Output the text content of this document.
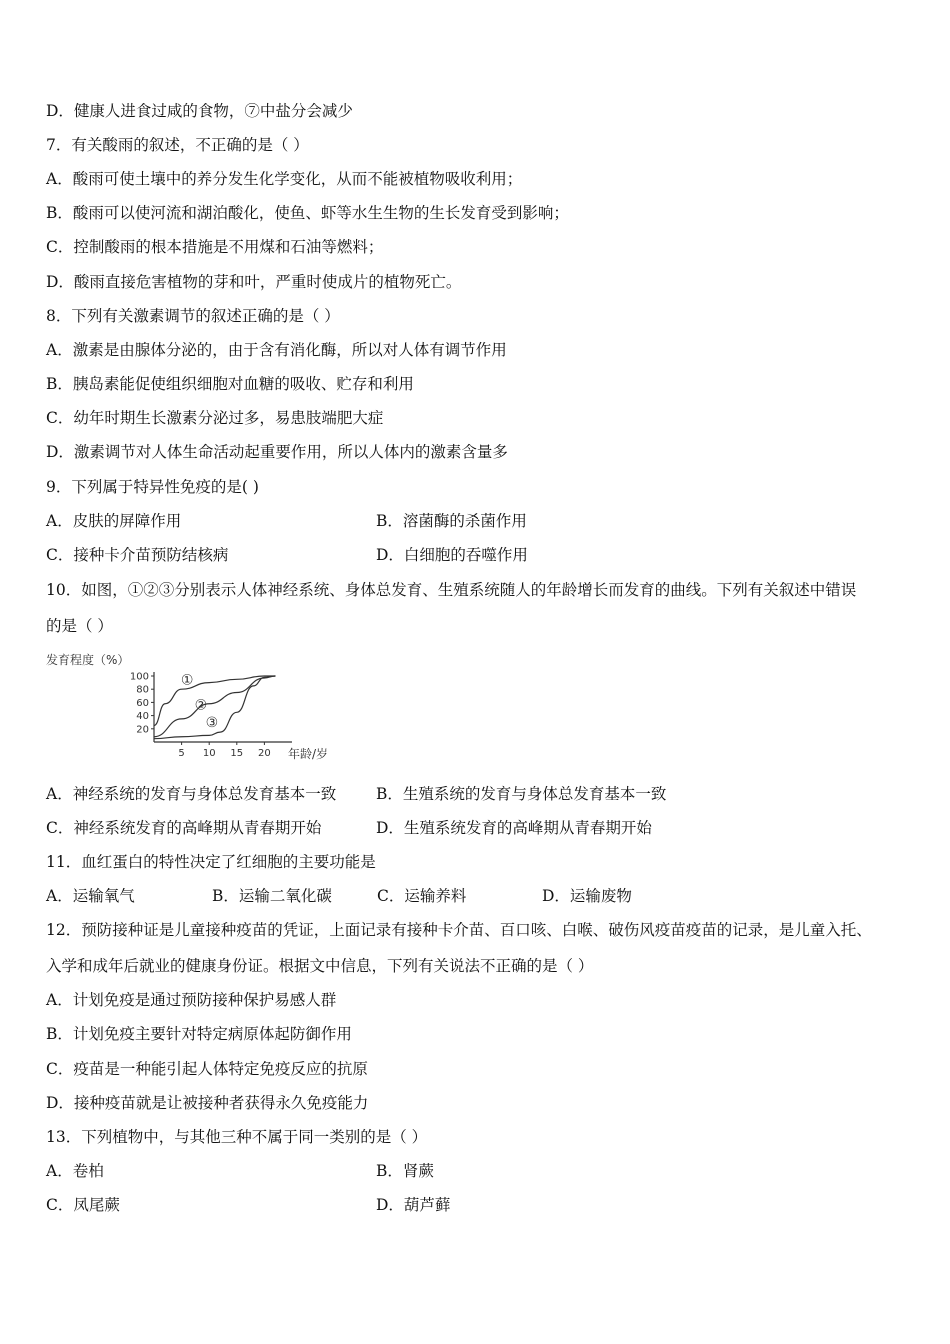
D．健康人进食过咸的食物，⑦中盐分会减少
7．有关酸雨的叙述，不正确的是（ ）
A．酸雨可使土壤中的养分发生化学变化，从而不能被植物吸收利用；
B．酸雨可以使河流和湖泊酸化，使鱼、虾等水生生物的生长发育受到影响；
C．控制酸雨的根本措施是不用煤和石油等燃料；
D．酸雨直接危害植物的芽和叶，严重时使成片的植物死亡。
8．下列有关激素调节的叙述正确的是（ ）
A．激素是由腺体分泌的，由于含有消化酶，所以对人体有调节作用
B．胰岛素能促使组织细胞对血糖的吸收、贮存和利用
C．幼年时期生长激素分泌过多，易患肢端肥大症
D．激素调节对人体生命活动起重要作用，所以人体内的激素含量多
9．下列属于特异性免疫的是( )
A．皮肤的屏障作用	B．溶菌酶的杀菌作用
C．接种卡介苗预防结核病	D．白细胞的吞噬作用
10．如图，①②③分别表示人体神经系统、身体总发育、生殖系统随人的年龄增长而发育的曲线。下列有关叙述中错误
的是（ ）
发育程度（%）
20
40
60
80
100
5 10 15 20
①
②
③
年龄/岁
A．神经系统的发育与身体总发育基本一致	B．生殖系统的发育与身体总发育基本一致
C．神经系统发育的高峰期从青春期开始	D．生殖系统发育的高峰期从青春期开始
11．血红蛋白的特性决定了红细胞的主要功能是
A．运输氧气	B．运输二氧化碳	C．运输养料	D．运输废物
12．预防接种证是儿童接种疫苗的凭证，上面记录有接种卡介苗、百口咳、白喉、破伤风疫苗疫苗的记录，是儿童入托、
入学和成年后就业的健康身份证。根据文中信息，下列有关说法不正确的是（ ）
A．计划免疫是通过预防接种保护易感人群
B．计划免疫主要针对特定病原体起防御作用
C．疫苗是一种能引起人体特定免疫反应的抗原
D．接种疫苗就是让被接种者获得永久免疫能力
13．下列植物中，与其他三种不属于同一类别的是（ ）
A．卷柏	B．肾蕨
C．凤尾蕨	D．葫芦藓
